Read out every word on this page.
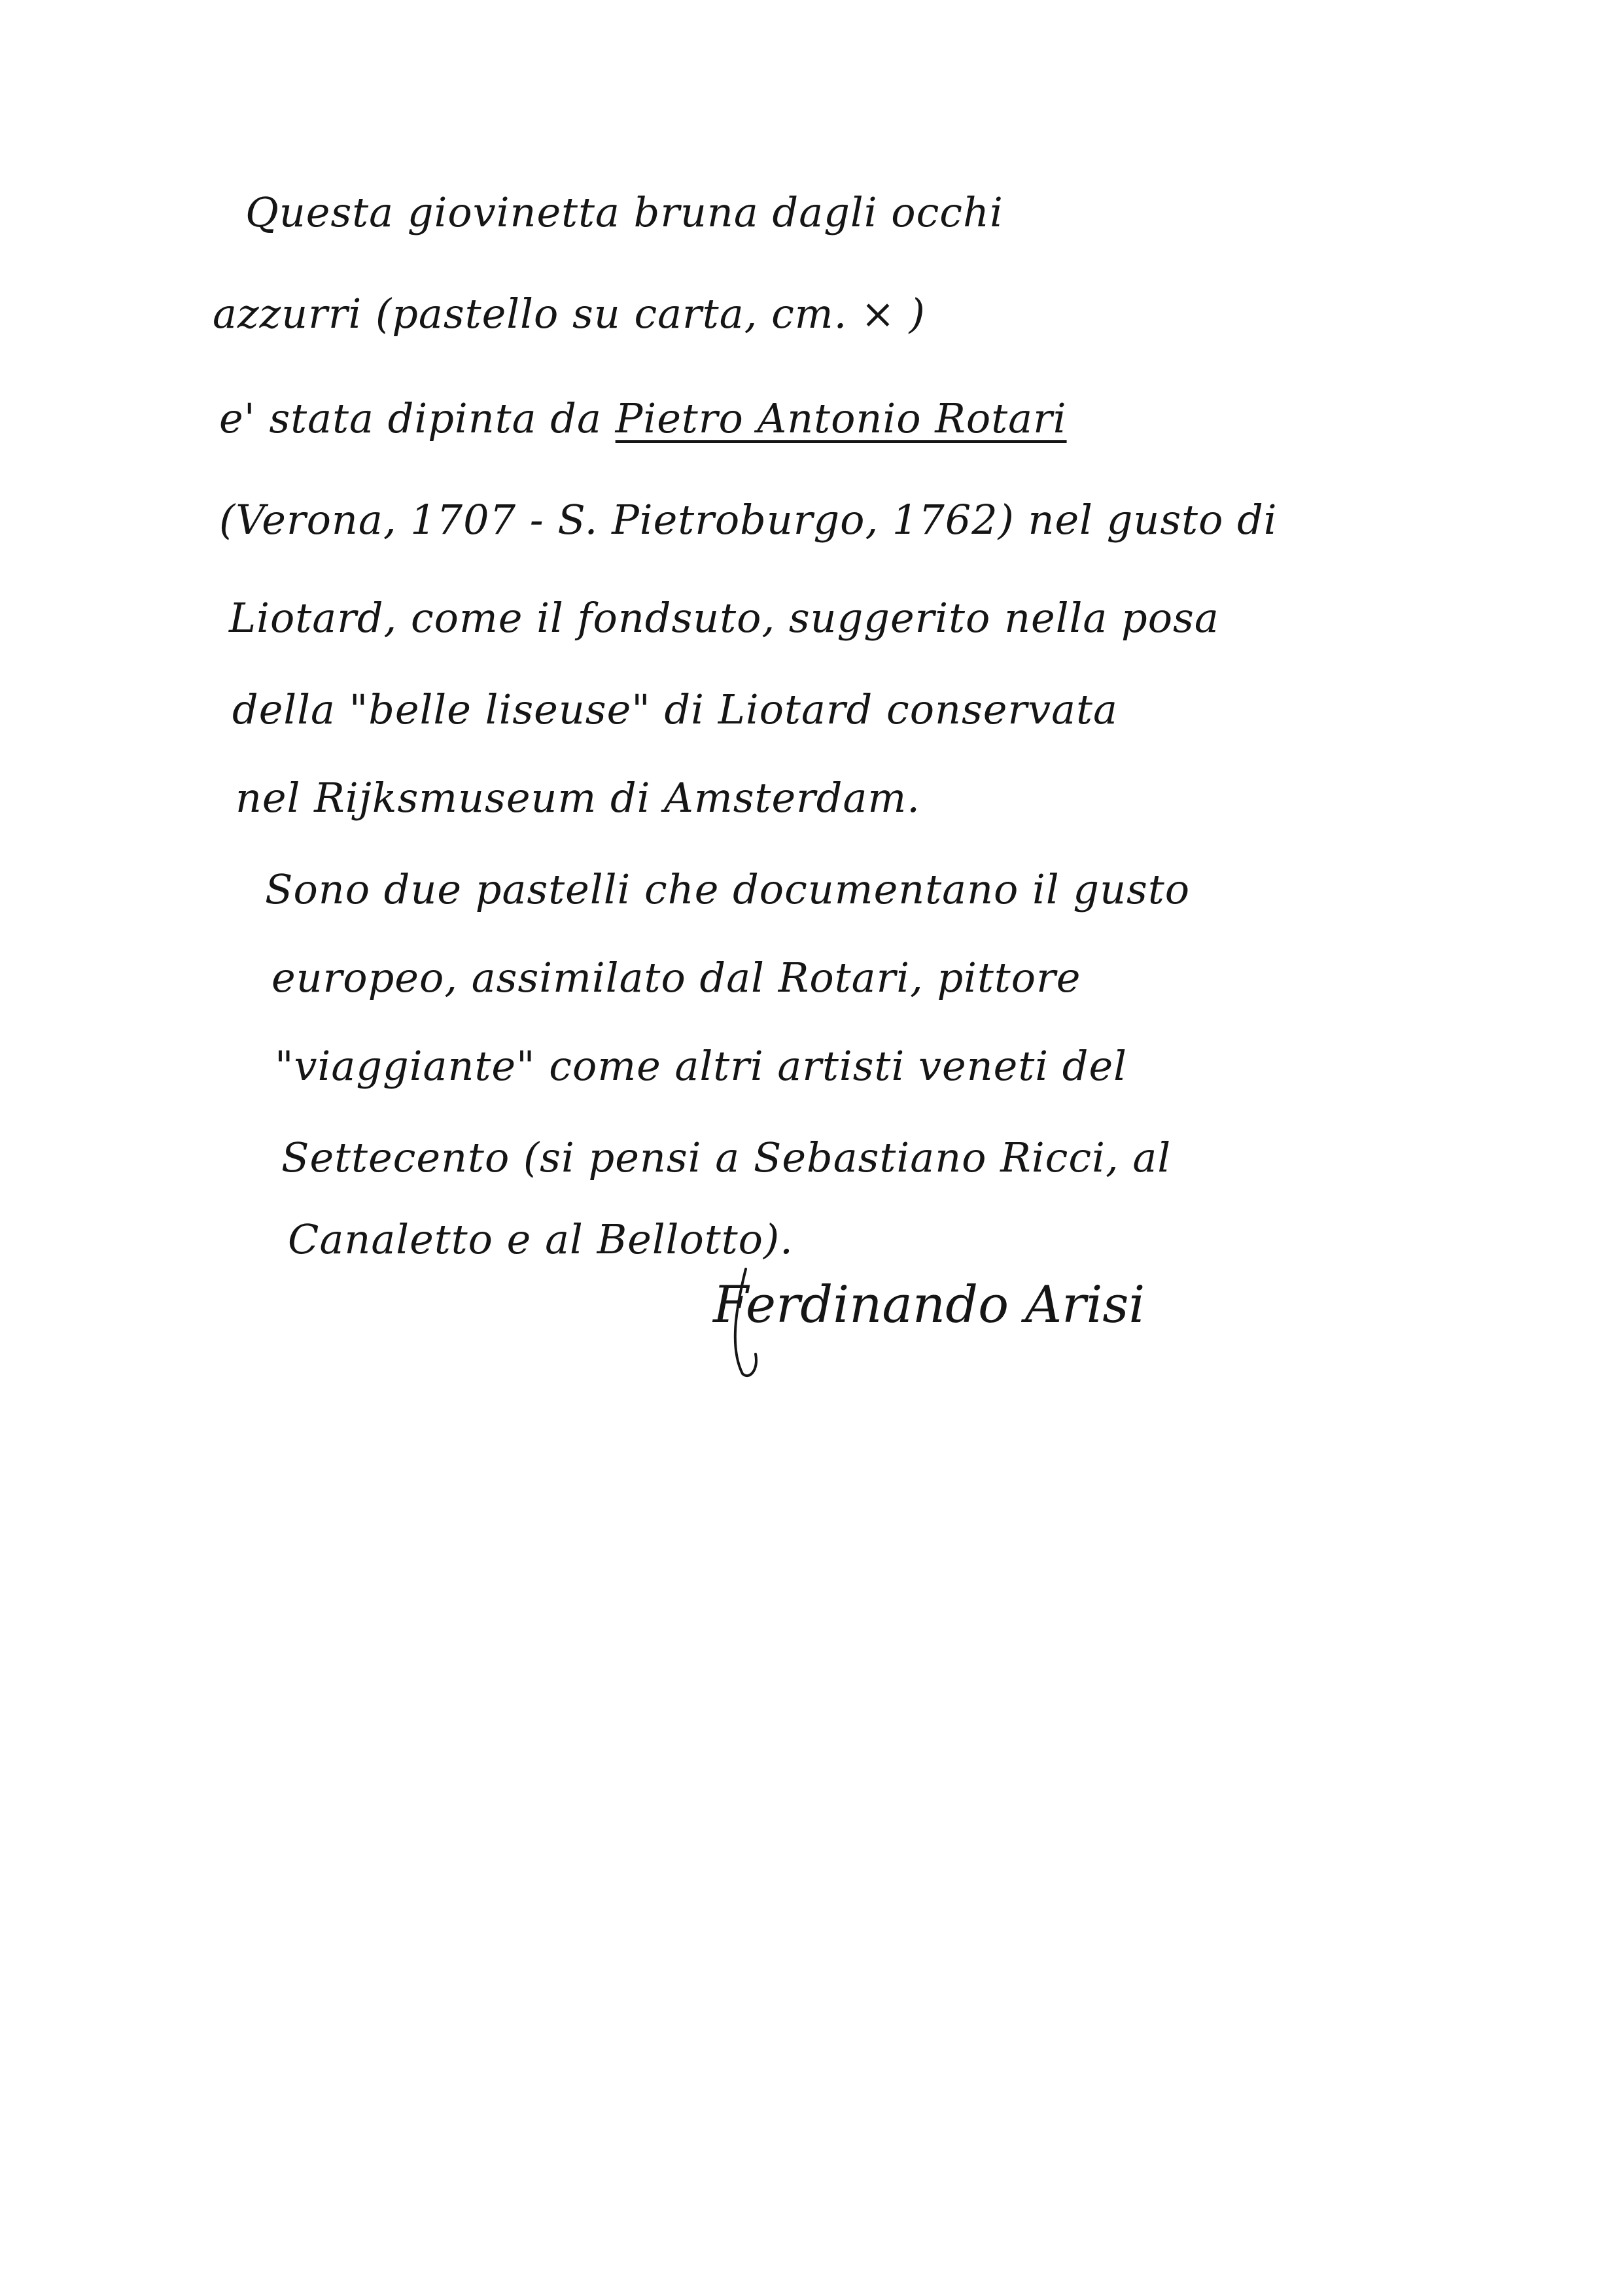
Questa giovinetta bruna dagli occhi
azzurri (pastello su carta, cm. × )
e' stata dipinta da Pietro Antonio Rotari
(Verona, 1707 - S. Pietroburgo, 1762) nel gusto di
Liotard, come il fondsuto, suggerito nella posa
della "belle liseuse" di Liotard conservata
nel Rijksmuseum di Amsterdam.
Sono due pastelli che documentano il gusto
europeo, assimilato dal Rotari, pittore
"viaggiante" come altri artisti veneti del
Settecento (si pensi a Sebastiano Ricci, al
Canaletto e al Bellotto).
Ferdinando Arisi
